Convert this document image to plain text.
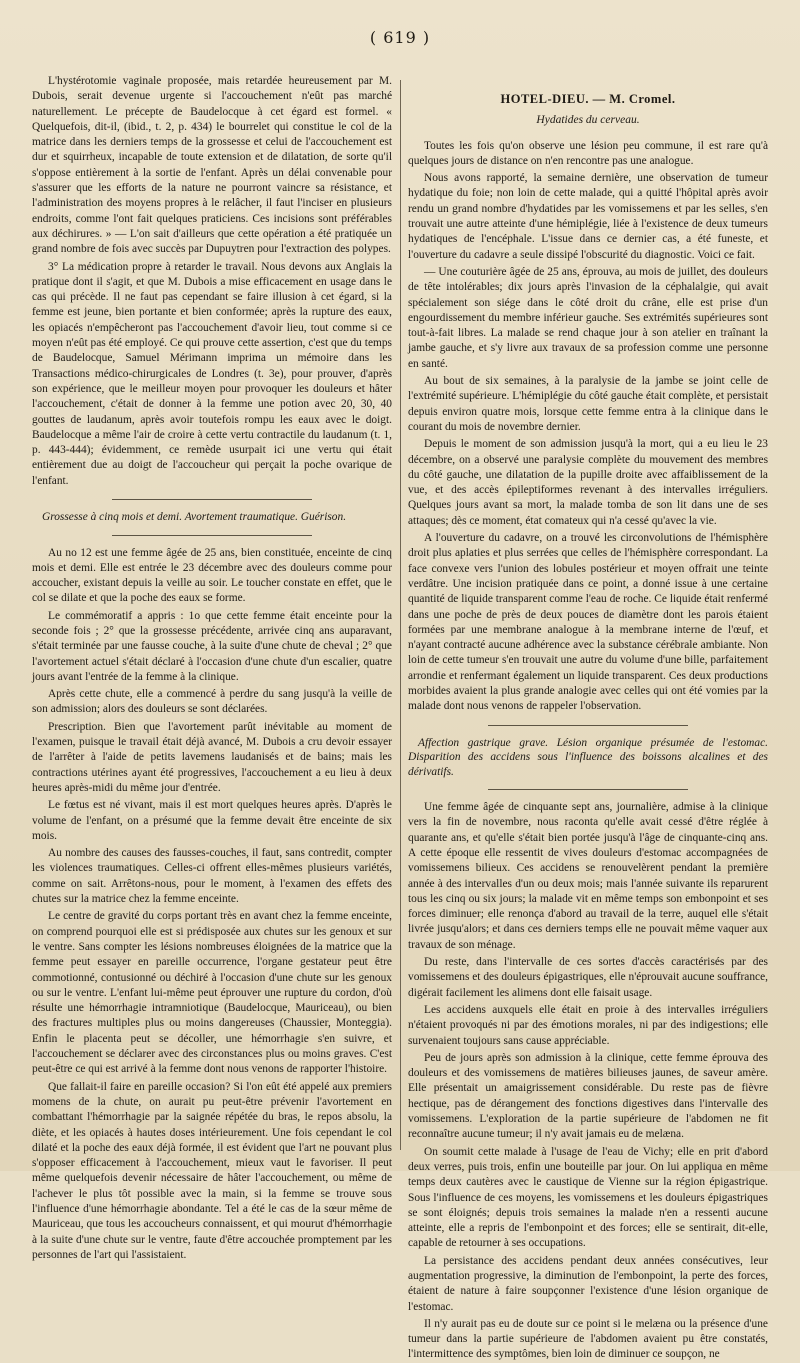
( 619 )

L'hystérotomie vaginale proposée, mais retardée heureusement par M. Dubois, serait devenue urgente si l'accouchement n'eût pas marché naturellement. Le précepte de Baudelocque à cet égard est formel. « Quelquefois, dit-il, (ibid., t. 2, p. 434) le bourrelet qui constitue le col de la matrice dans les derniers temps de la grossesse et celui de l'accouchement est dur et squirrheux, incapable de toute extension et de dilatation, de sorte qu'il s'oppose entièrement à la sortie de l'enfant. Après un délai convenable pour s'assurer que les efforts de la nature ne pourront vaincre sa résistance, et l'administration des moyens propres à le relâcher, il faut l'inciser en plusieurs endroits, comme l'ont fait quelques praticiens. Ces incisions sont préférables aux déchirures. » — L'on sait d'ailleurs que cette opération a été pratiquée un grand nombre de fois avec succès par Dupuytren pour l'extraction des polypes.

3° La médication propre à retarder le travail. Nous devons aux Anglais la pratique dont il s'agit, et que M. Dubois a mise efficacement en usage dans le cas qui précède. Il ne faut pas cependant se faire illusion à cet égard, si la femme est jeune, bien portante et bien conformée; après la rupture des eaux, les opiacés n'empêcheront pas l'accouchement d'avoir lieu, tout comme si ce moyen n'eût pas été employé. Ce qui prouve cette assertion, c'est que du temps de Baudelocque, Samuel Mérimann imprima un mémoire dans les Transactions médico-chirurgicales de Londres (t. 3e), pour prouver, d'après son expérience, que le meilleur moyen pour provoquer les douleurs et hâter l'accouchement, c'était de donner à la femme une potion avec 20, 30, 40 gouttes de laudanum, après avoir toutefois rompu les eaux avec le doigt. Baudelocque a même l'air de croire à cette vertu contractile du laudanum (t. 1, p. 443-444); évidemment, ce remède usurpait ici une vertu qui était entièrement due au doigt de l'accoucheur qui perçait la poche ovarique de l'enfant.

Grossesse à cinq mois et demi. Avortement traumatique. Guérison.

Au no 12 est une femme âgée de 25 ans, bien constituée, enceinte de cinq mois et demi. Elle est entrée le 23 décembre avec des douleurs comme pour accoucher, existant depuis la veille au soir. Le toucher constate en effet, que le col se dilate et que la poche des eaux se forme.

Le commémoratif a appris : 1o que cette femme était enceinte pour la seconde fois ; 2° que la grossesse précédente, arrivée cinq ans auparavant, s'était terminée par une fausse couche, à la suite d'une chute de cheval ; 2° que l'avortement actuel s'était déclaré à l'occasion d'une chute d'un escalier, quatre jours avant l'entrée de la femme à la clinique.

Après cette chute, elle a commencé à perdre du sang jusqu'à la veille de son admission; alors des douleurs se sont déclarées.

Prescription. Bien que l'avortement parût inévitable au moment de l'examen, puisque le travail était déjà avancé, M. Dubois a cru devoir essayer de l'arrêter à l'aide de petits lavemens laudanisés et de bains; mais les contractions utérines ayant été progressives, l'accouchement a eu lieu à deux heures après-midi du même jour d'entrée.

Le fœtus est né vivant, mais il est mort quelques heures après. D'après le volume de l'enfant, on a présumé que la femme devait être enceinte de six mois.

Au nombre des causes des fausses-couches, il faut, sans contredit, compter les violences traumatiques. Celles-ci offrent elles-mêmes plusieurs variétés, comme on sait. Arrêtons-nous, pour le moment, à l'examen des effets des chutes sur la matrice chez la femme enceinte.

Le centre de gravité du corps portant très en avant chez la femme enceinte, on comprend pourquoi elle est si prédisposée aux chutes sur les genoux et sur le ventre. Sans compter les lésions nombreuses éloignées de la matrice que la femme peut essayer en pareille occurrence, l'organe gestateur peut être commotionné, contusionné ou déchiré à l'occasion d'une chute sur les genoux ou sur le ventre. L'enfant lui-même peut éprouver une rupture du cordon, d'où résulte une hémorrhagie intramniotique (Baudelocque, Mauriceau), ou bien des fractures multiples plus ou moins dangereuses (Chaussier, Monteggia). Enfin le placenta peut se décoller, une hémorrhagie s'en suivre, et l'accouchement se déclarer avec des circonstances plus ou moins graves. C'est peut-être ce qui est arrivé à la femme dont nous venons de rapporter l'histoire.

Que fallait-il faire en pareille occasion? Si l'on eût été appelé aux premiers momens de la chute, on aurait pu peut-être prévenir l'avortement en combattant l'hémorrhagie par la saignée répétée du bras, le repos absolu, la diète, et les opiacés à hautes doses intérieurement. Une fois cependant le col dilaté et la poche des eaux déjà formée, il est évident que l'art ne pouvant plus s'opposer efficacement à l'accouchement, mieux vaut le favoriser. Il peut même quelquefois devenir nécessaire de hâter l'accouchement, ou même de l'achever le plus tôt possible avec la main, si la femme se trouve sous l'influence d'une hémorrhagie abondante. Tel a été le cas de la sœur même de Mauriceau, que tous les accoucheurs connaissent, et qui mourut d'hémorrhagie à la suite d'une chute sur le ventre, faute d'être accouchée promptement par les personnes de l'art qui l'assistaient.

HOTEL-DIEU. — M. Cromel.
Hydatides du cerveau.

Toutes les fois qu'on observe une lésion peu commune, il est rare qu'à quelques jours de distance on n'en rencontre pas une analogue.

Nous avons rapporté, la semaine dernière, une observation de tumeur hydatique du foie; non loin de cette malade, qui a quitté l'hôpital après avoir rendu un grand nombre d'hydatides par les vomissemens et par les selles, s'en trouvait une autre atteinte d'une hémiplégie, liée à l'existence de deux tumeurs hydatiques de l'encéphale. L'issue dans ce dernier cas, a été funeste, et l'ouverture du cadavre a seule dissipé l'obscurité du diagnostic. Voici ce fait.

— Une couturière âgée de 25 ans, éprouva, au mois de juillet, des douleurs de tête intolérables; dix jours après l'invasion de la céphalalgie, qui avait spécialement son siége dans le côté droit du crâne, elle est prise d'un engourdissement du membre inférieur gauche. Ses extrémités supérieures sont tout-à-fait libres. La malade se rend chaque jour à son atelier en traînant la jambe gauche, et s'y livre aux travaux de sa profession comme une personne en santé.

Au bout de six semaines, à la paralysie de la jambe se joint celle de l'extrémité supérieure. L'hémiplégie du côté gauche était complète, et persistait depuis environ quatre mois, lorsque cette femme entra à la clinique dans le courant du mois de novembre dernier.

Depuis le moment de son admission jusqu'à la mort, qui a eu lieu le 23 décembre, on a observé une paralysie complète du mouvement des membres du côté gauche, une dilatation de la pupille droite avec affaiblissement de la vue, et des accès épileptiformes revenant à des intervalles irréguliers. Quelques jours avant sa mort, la malade tomba de son lit dans une de ses attaques; dès ce moment, état comateux qui n'a cessé qu'avec la vie.

A l'ouverture du cadavre, on a trouvé les circonvolutions de l'hémisphère droit plus aplaties et plus serrées que celles de l'hémisphère correspondant. La face convexe vers l'union des lobules postérieur et moyen offrait une teinte verdâtre. Une incision pratiquée dans ce point, a donné issue à une certaine quantité de liquide transparent comme l'eau de roche. Ce liquide était renfermé dans une poche de près de deux pouces de diamètre dont les parois étaient formées par une membrane analogue à la membrane interne de l'œuf, et n'ayant contracté aucune adhérence avec la substance cérébrale ambiante. Non loin de cette tumeur s'en trouvait une autre du volume d'une bille, parfaitement arrondie et renfermant également un liquide transparent. Ces deux productions morbides avaient la plus grande analogie avec celles qui ont été vomies par la malade dont nous venons de rappeler l'observation.

Affection gastrique grave. Lésion organique présumée de l'estomac. Disparition des accidens sous l'influence des boissons alcalines et des dérivatifs.

Une femme âgée de cinquante sept ans, journalière, admise à la clinique vers la fin de novembre, nous raconta qu'elle avait cessé d'être réglée à quarante ans, et qu'elle s'était bien portée jusqu'à l'âge de cinquante-cinq ans. A cette époque elle ressentit de vives douleurs d'estomac accompagnées de vomissemens bilieux. Ces accidens se renouvelèrent pendant la première année à des intervalles d'un ou deux mois; mais l'année suivante ils reparurent tous les cinq ou six jours; la malade vit en même temps son embonpoint et ses forces diminuer; elle renonça d'abord au travail de la terre, auquel elle s'était livrée jusqu'alors; et dans ces derniers temps elle ne pouvait même vaquer aux travaux de son ménage.

Du reste, dans l'intervalle de ces sortes d'accès caractérisés par des vomissemens et des douleurs épigastriques, elle n'éprouvait aucune souffrance, digérait facilement les alimens dont elle faisait usage.

Les accidens auxquels elle était en proie à des intervalles irréguliers n'étaient provoqués ni par des émotions morales, ni par des indigestions; elle survenaient toujours sans cause appréciable.

Peu de jours après son admission à la clinique, cette femme éprouva des douleurs et des vomissemens de matières bilieuses jaunes, de saveur amère. Elle présentait un amaigrissement considérable. Du reste pas de fièvre hectique, pas de dérangement des fonctions digestives dans l'intervalle des vomissemens. L'exploration de la partie supérieure de l'abdomen ne fit reconnaître aucune tumeur; il n'y avait jamais eu de melæna.

On soumit cette malade à l'usage de l'eau de Vichy; elle en prit d'abord deux verres, puis trois, enfin une bouteille par jour. On lui appliqua en même temps deux cautères avec le caustique de Vienne sur la région épigastrique. Sous l'influence de ces moyens, les vomissemens et les douleurs épigastriques se sont éloignés; depuis trois semaines la malade n'en a ressenti aucune atteinte, elle a repris de l'embonpoint et des forces; elle se sentirait, dit-elle, capable de retourner à ses occupations.

La persistance des accidens pendant deux années consécutives, leur augmentation progressive, la diminution de l'embonpoint, la perte des forces, étaient de nature à faire soupçonner l'existence d'une lésion organique de l'estomac.

Il n'y aurait pas eu de doute sur ce point si le melæna ou la présence d'une tumeur dans la partie supérieure de l'abdomen avaient pu être constatés, l'intermittence des symptômes, bien loin de diminuer ce soupçon, ne
